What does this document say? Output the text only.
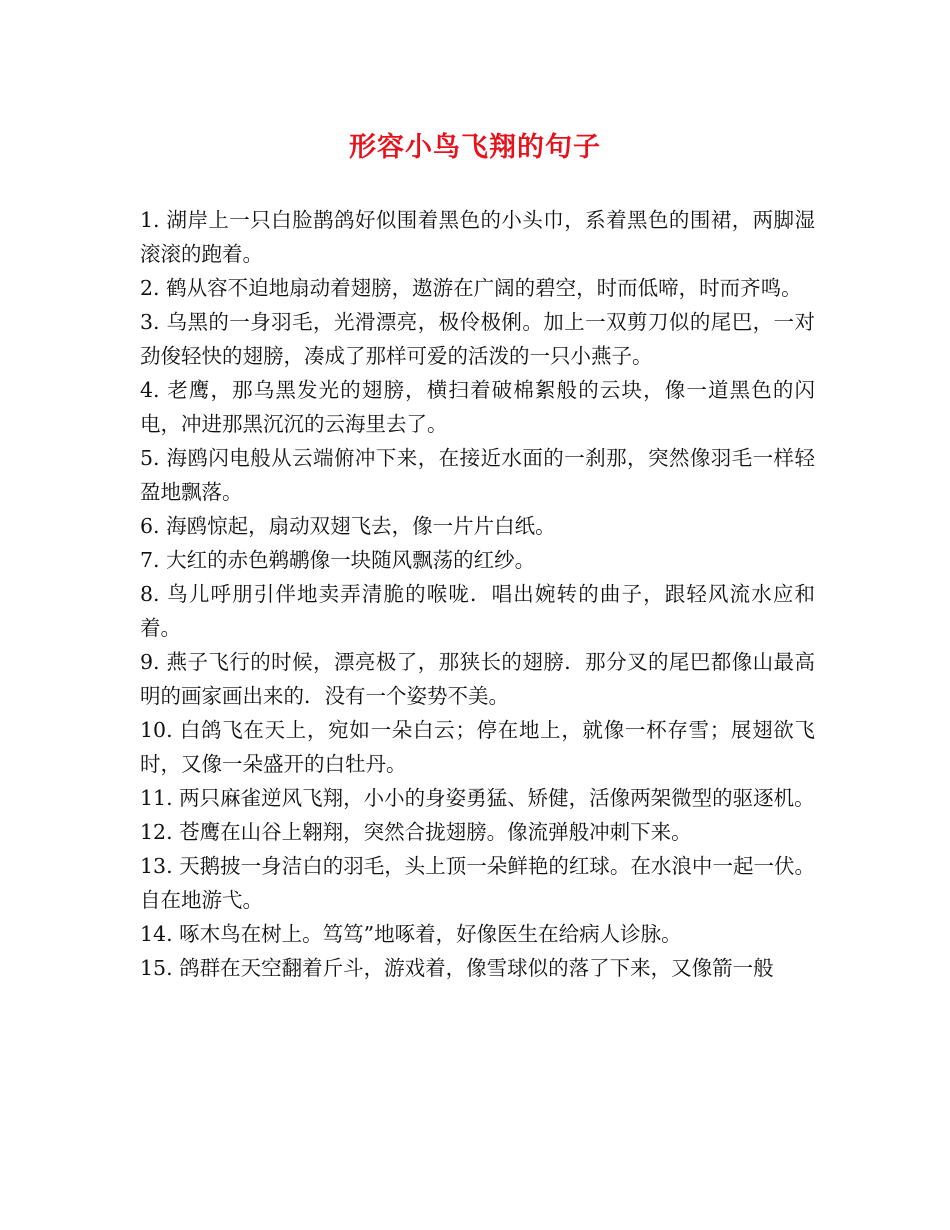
形容小鸟飞翔的句子

1. 湖岸上一只白脸鹊鸽好似围着黑色的小头巾，系着黑色的围裙，两脚湿滚滚的跑着。

2. 鹤从容不迫地扇动着翅膀，遨游在广阔的碧空，时而低啼，时而齐鸣。

3. 乌黑的一身羽毛，光滑漂亮，极伶极俐。加上一双剪刀似的尾巴，一对劲俊轻快的翅膀，凑成了那样可爱的活泼的一只小燕子。

4. 老鹰，那乌黑发光的翅膀，横扫着破棉絮般的云块，像一道黑色的闪电，冲进那黑沉沉的云海里去了。

5. 海鸥闪电般从云端俯冲下来，在接近水面的一刹那，突然像羽毛一样轻盈地飘落。

6. 海鸥惊起，扇动双翅飞去，像一片片白纸。

7. 大红的赤色鹈鹕像一块随风飘荡的红纱。

8. 鸟儿呼朋引伴地卖弄清脆的喉咙．唱出婉转的曲子，跟轻风流水应和着。

9. 燕子飞行的时候，漂亮极了，那狭长的翅膀．那分叉的尾巴都像山最高明的画家画出来的．没有一个姿势不美。

10. 白鸽飞在天上，宛如一朵白云；停在地上，就像一杯存雪；展翅欲飞时，又像一朵盛开的白牡丹。

11. 两只麻雀逆风飞翔，小小的身姿勇猛、矫健，活像两架微型的驱逐机。

12. 苍鹰在山谷上翱翔，突然合拢翅膀。像流弹般冲刺下来。

13. 天鹅披一身洁白的羽毛，头上顶一朵鲜艳的红球。在水浪中一起一伏。自在地游弋。

14. 啄木鸟在树上。笃笃”地啄着，好像医生在给病人诊脉。

15. 鸽群在天空翻着斤斗，游戏着，像雪球似的落了下来，又像箭一般
